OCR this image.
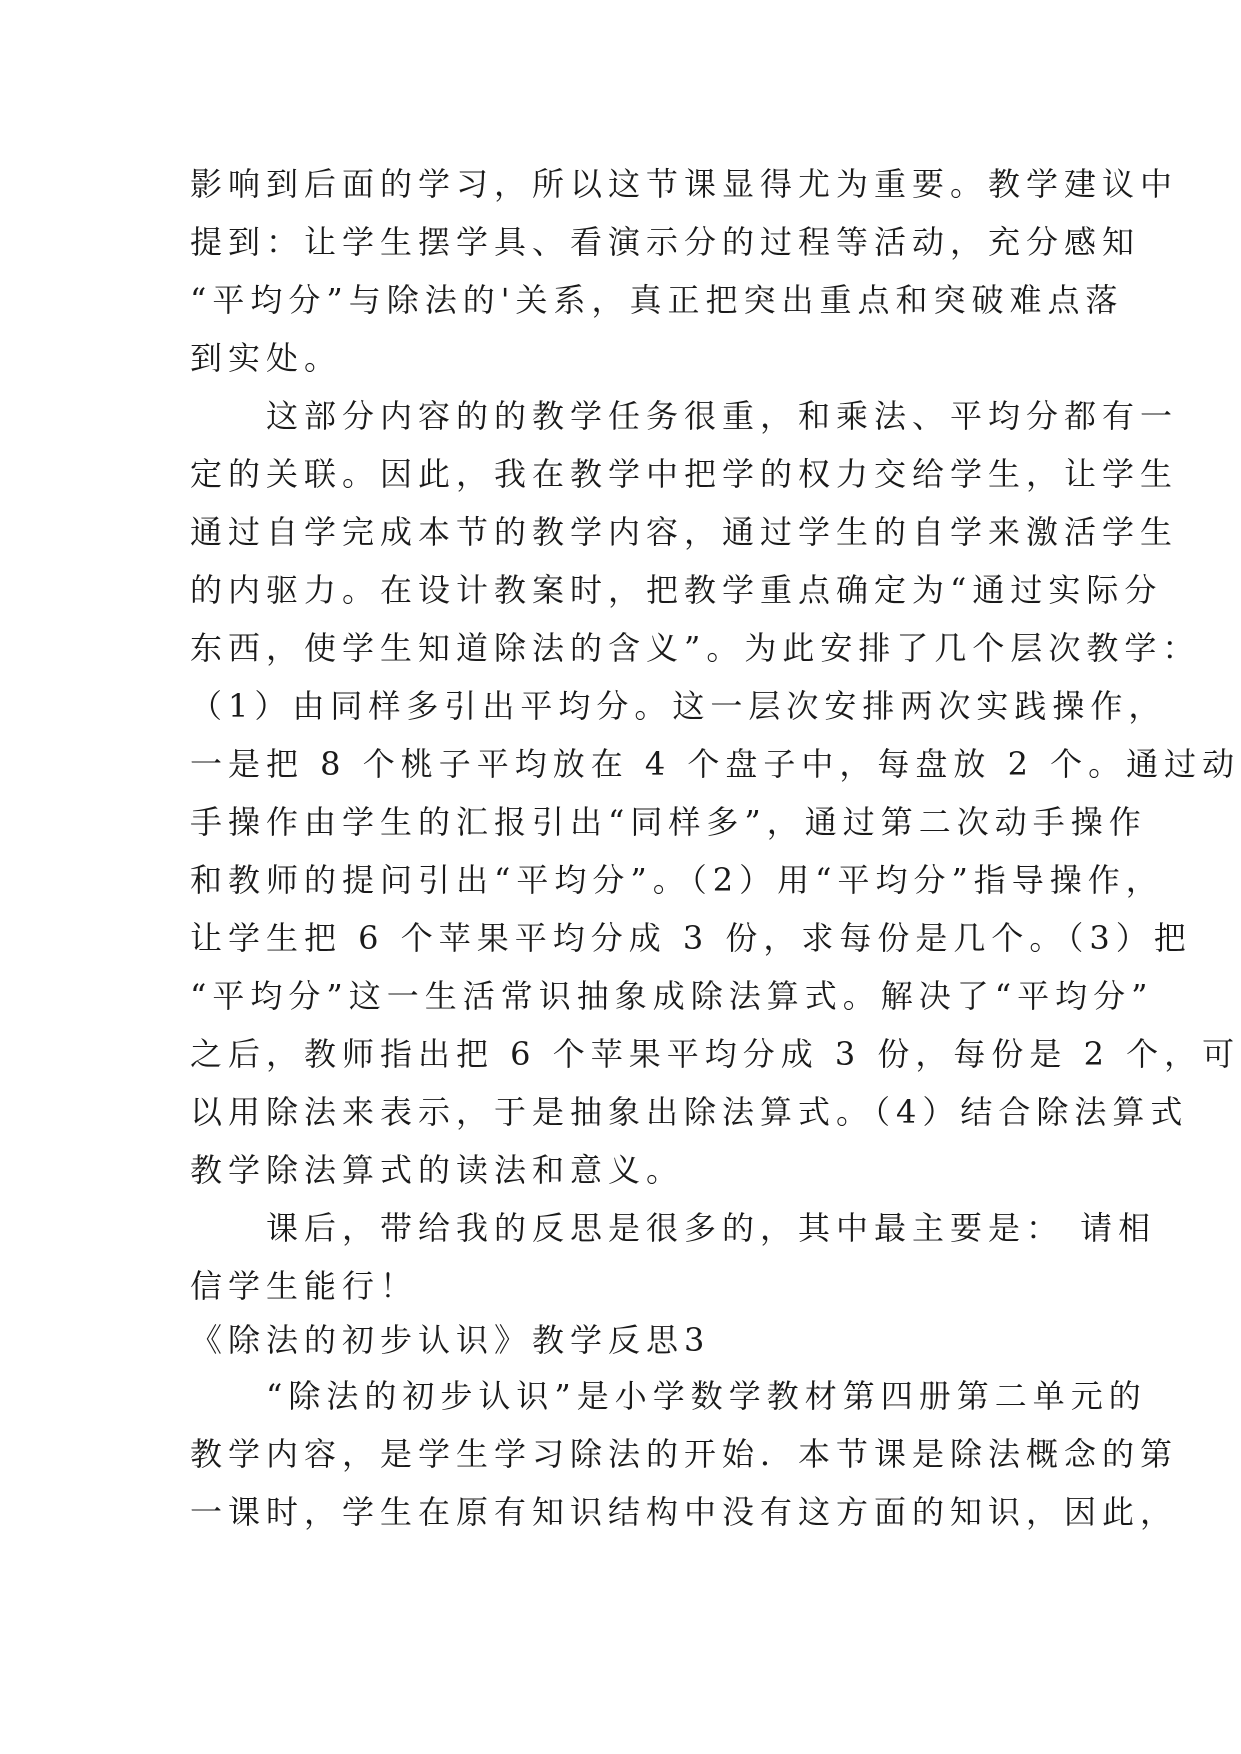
影响到后面的学习，所以这节课显得尤为重要。教学建议中
提到：让学生摆学具、看演示分的过程等活动，充分感知
“平均分”与除法的'关系，真正把突出重点和突破难点落
到实处。
　　这部分内容的的教学任务很重，和乘法、平均分都有一
定的关联。因此，我在教学中把学的权力交给学生，让学生
通过自学完成本节的教学内容，通过学生的自学来激活学生
的内驱力。在设计教案时，把教学重点确定为“通过实际分
东西，使学生知道除法的含义”。为此安排了几个层次教学：
（1）由同样多引出平均分。这一层次安排两次实践操作，
一是把 8 个桃子平均放在 4 个盘子中，每盘放 2 个。通过动
手操作由学生的汇报引出“同样多”，通过第二次动手操作
和教师的提问引出“平均分”。（2）用“平均分”指导操作，
让学生把 6 个苹果平均分成 3 份，求每份是几个。（3）把
“平均分”这一生活常识抽象成除法算式。解决了“平均分”
之后，教师指出把 6 个苹果平均分成 3 份，每份是 2 个，可
以用除法来表示，于是抽象出除法算式。（4）结合除法算式
教学除法算式的读法和意义。
　　课后，带给我的反思是很多的，其中最主要是： 请相
信学生能行！
《除法的初步认识》教学反思3
　　“除法的初步认识”是小学数学教材第四册第二单元的
教学内容，是学生学习除法的开始．本节课是除法概念的第
一课时，学生在原有知识结构中没有这方面的知识，因此，
